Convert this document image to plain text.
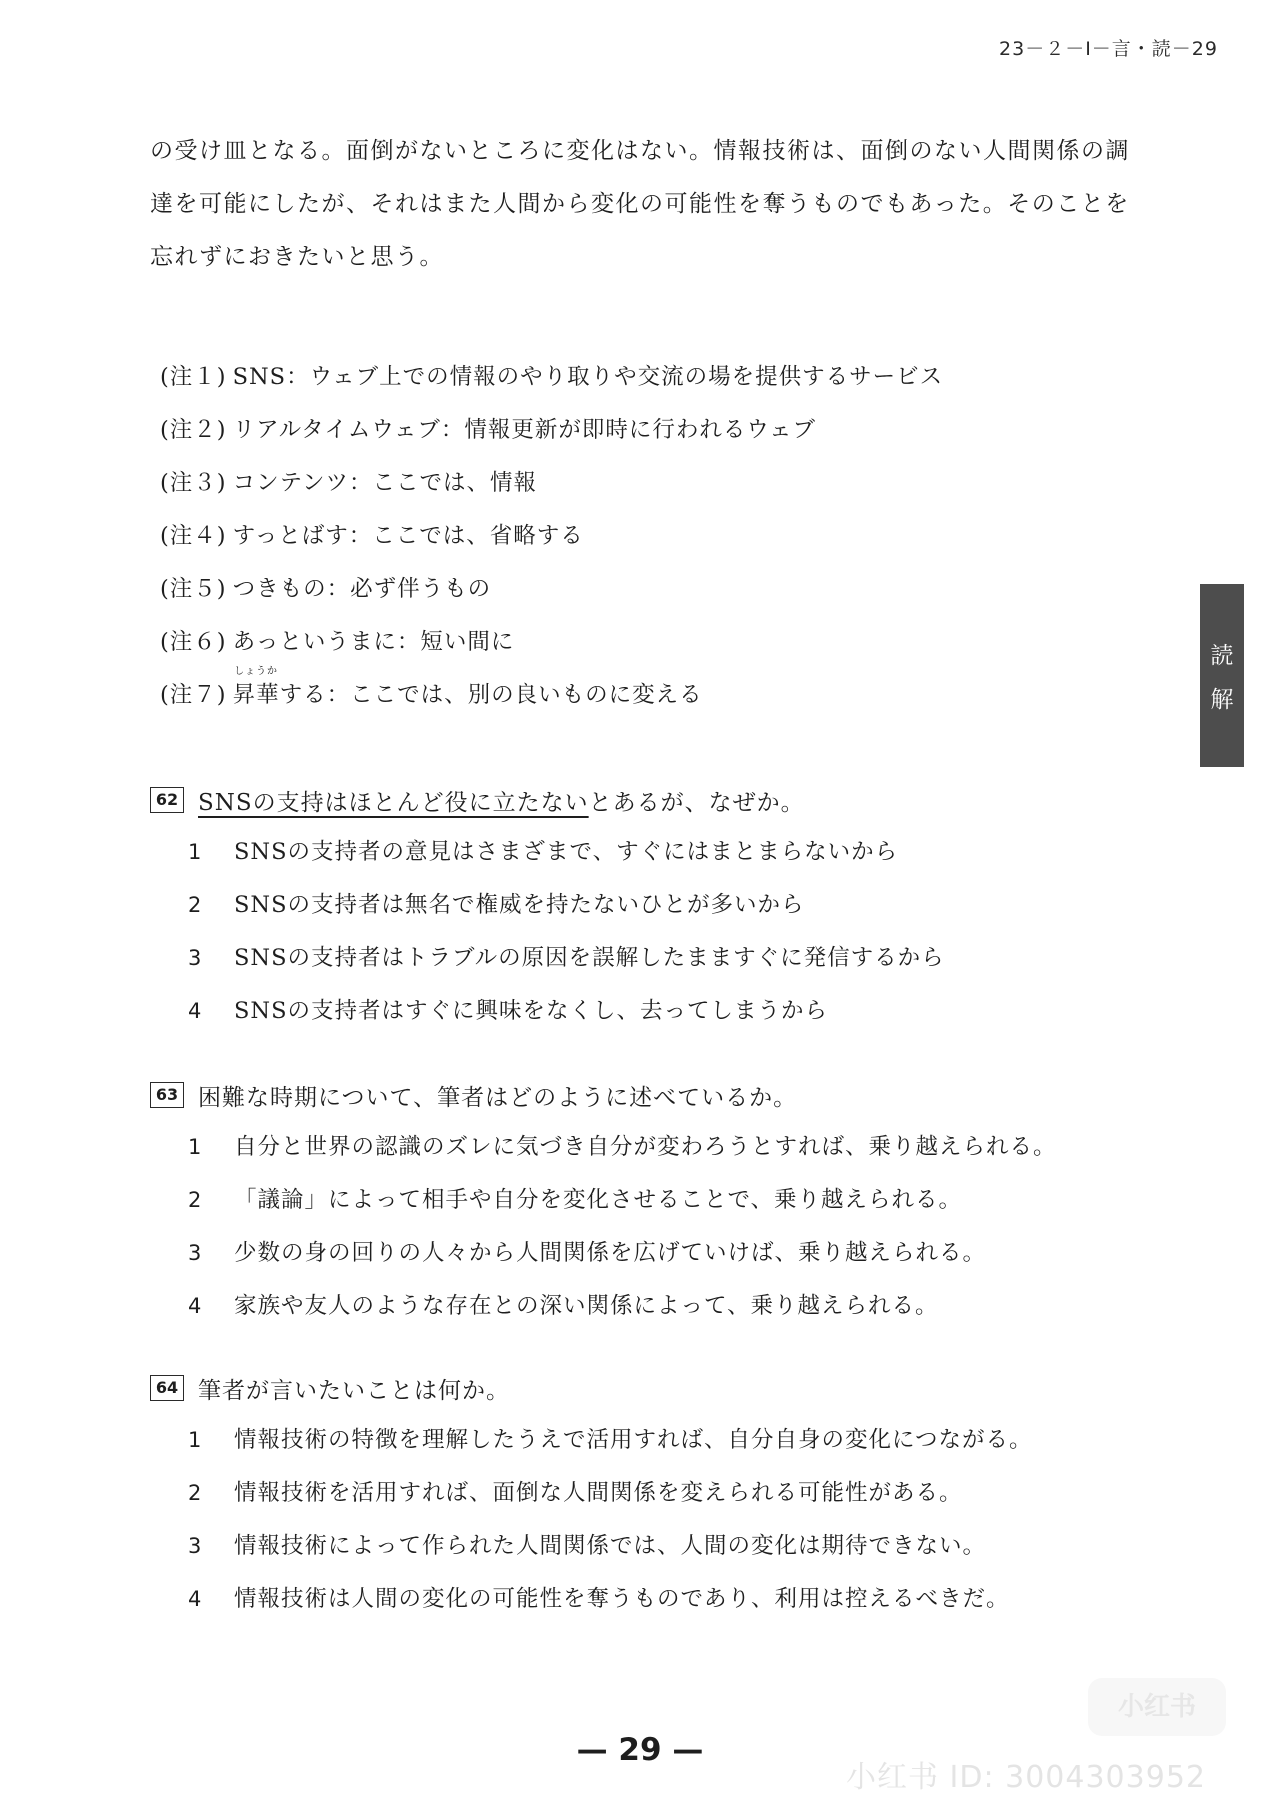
23－２－Ⅰ－言・読－29

の受け皿となる。面倒がないところに変化はない。情報技術は、面倒のない人間関係の調

達を可能にしたが、それはまた人間から変化の可能性を奪うものでもあった。そのことを

忘れずにおきたいと思う。

(注１) SNS：ウェブ上での情報のやり取りや交流の場を提供するサービス
(注２) リアルタイムウェブ：情報更新が即時に行われるウェブ
(注３) コンテンツ：ここでは、情報
(注４) すっとばす：ここでは、省略する
(注５) つきもの：必ず伴うもの
(注６) あっというまに：短い間に
(注７)
しょうか
昇華する：ここでは、別の良いものに変える
読
解
62 SNSの支持はほとんど役に立たないとあるが、なぜか。
1	SNSの支持者の意見はさまざまで、すぐにはまとまらないから
2	SNSの支持者は無名で権威を持たないひとが多いから
3	SNSの支持者はトラブルの原因を誤解したまますぐに発信するから
4	SNSの支持者はすぐに興味をなくし、去ってしまうから
63 困難な時期について、筆者はどのように述べているか。
1	自分と世界の認識のズレに気づき自分が変わろうとすれば、乗り越えられる。
2	「議論」によって相手や自分を変化させることで、乗り越えられる。
3	少数の身の回りの人々から人間関係を広げていけば、乗り越えられる。
4	家族や友人のような存在との深い関係によって、乗り越えられる。
64 筆者が言いたいことは何か。
1	情報技術の特徴を理解したうえで活用すれば、自分自身の変化につながる。
2	情報技術を活用すれば、面倒な人間関係を変えられる可能性がある。
3	情報技術によって作られた人間関係では、人間の変化は期待できない。
4	情報技術は人間の変化の可能性を奪うものであり、利用は控えるべきだ。
小红书
小红书 ID: 3004303952
— 29 —
